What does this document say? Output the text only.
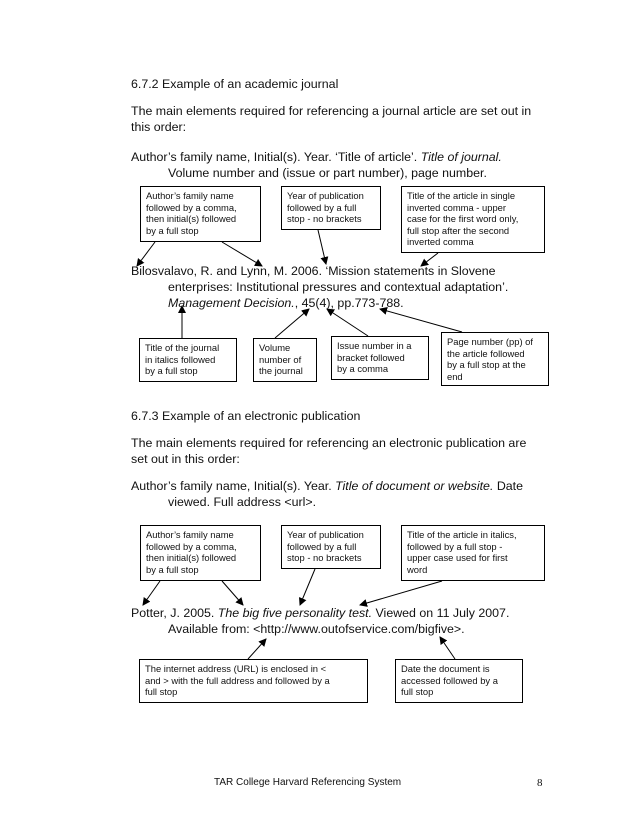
6.7.2 Example of an academic journal
The main elements required for referencing a journal article are set out in
this order:
Author’s family name, Initial(s). Year. ‘Title of article’. Title of journal.
Volume number and (issue or part number), page number.
Author’s family name
followed by a comma,
then initial(s) followed
by a full stop
Year of publication
followed by a full
stop - no brackets
Title of the article in single
inverted comma - upper
case for the first word only,
full stop after the second
inverted comma
Bilosvalavo, R. and Lynn, M. 2006. ‘Mission statements in Slovene
enterprises: Institutional pressures and contextual adaptation’.
Management Decision., 45(4), pp.773-788.
Title of the journal
in italics followed
by a full stop
Volume
number of
the journal
Issue number in a
bracket followed
by a comma
Page number (pp) of
the article followed
by a full stop at the
end
6.7.3 Example of an electronic publication
The main elements required for referencing an electronic publication are
set out in this order:
Author’s family name, Initial(s). Year. Title of document or website. Date
viewed. Full address <url>.
Author’s family name
followed by a comma,
then initial(s) followed
by a full stop
Year of publication
followed by a full
stop - no brackets
Title of the article in italics,
followed by a full stop -
upper case used for first
word
Potter, J. 2005. The big five personality test. Viewed on 11 July 2007.
Available from: <http://www.outofservice.com/bigfive>.
The internet address (URL) is enclosed in <
and > with the full address and followed by a
full stop
Date the document is
accessed followed by a
full stop
TAR College Harvard Referencing System	8
